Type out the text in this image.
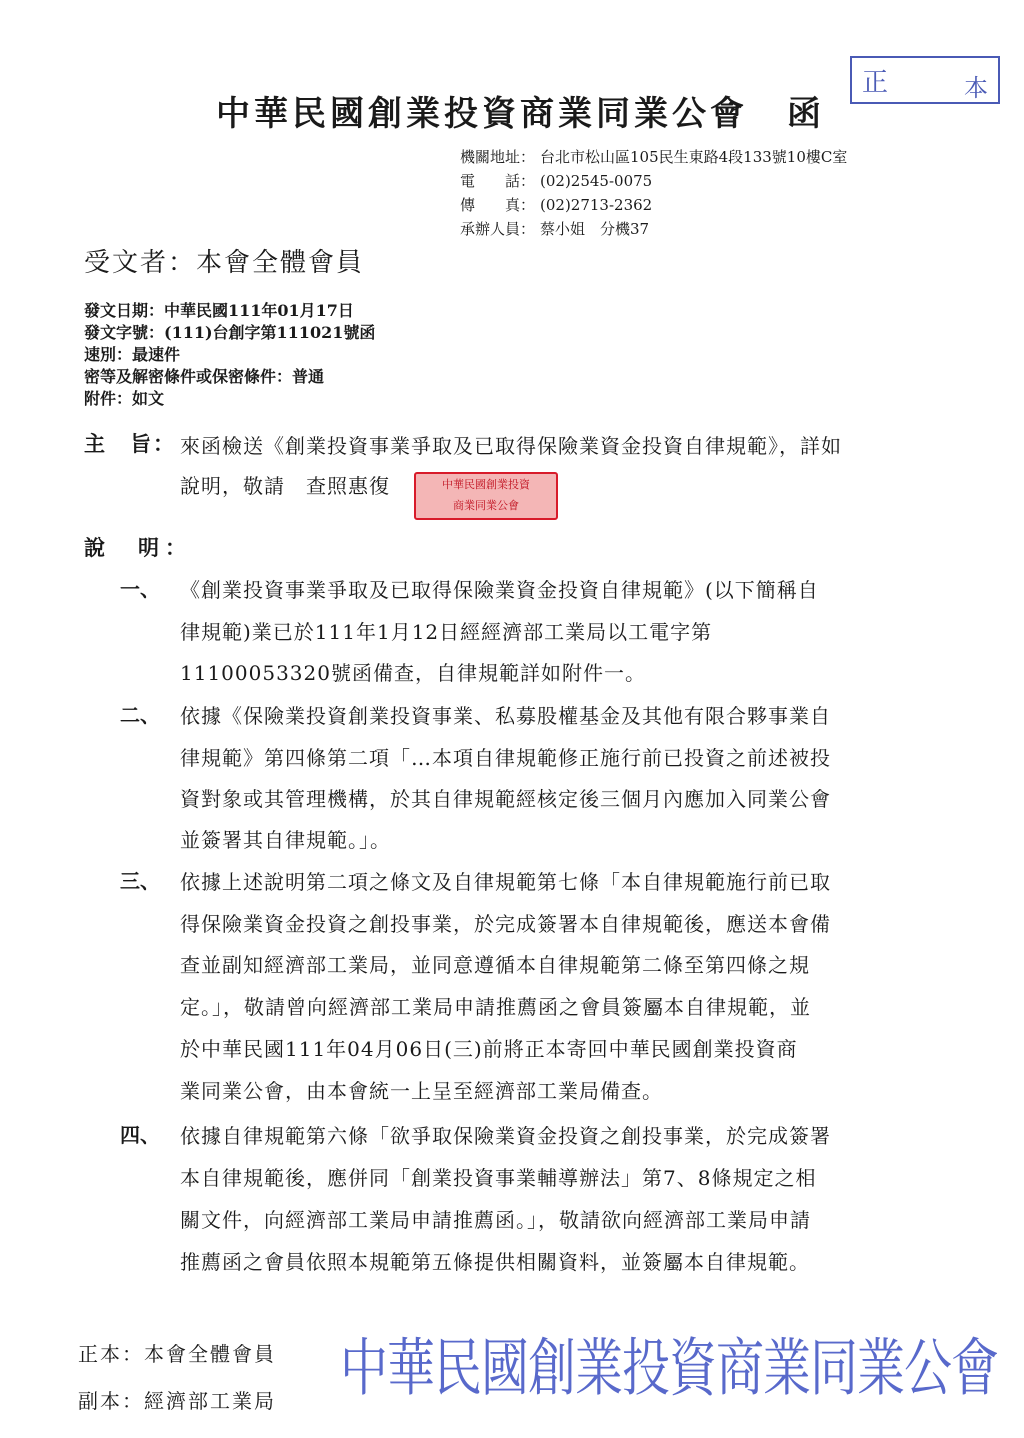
中華民國創業投資商業同業公會 函
正	本
機關地址： 台北市松山區105民生東路4段133號10樓C室
電　　話： (02)2545-0075
傳　　真： (02)2713-2362
承辦人員： 蔡小姐　分機37
受文者：本會全體會員
發文日期：中華民國111年01月17日
發文字號：(111)台創字第111021號函
速別：最速件
密等及解密條件或保密條件：普通
附件：如文
主　旨： 來函檢送《創業投資事業爭取及已取得保險業資金投資自律規範》，詳如
說明，敬請　查照惠復	中華民國創業投資
商業同業公會
說　明：
一、 《創業投資事業爭取及已取得保險業資金投資自律規範》(以下簡稱自
律規範)業已於111年1月12日經經濟部工業局以工電字第
11100053320號函備查，自律規範詳如附件一。
二、 依據《保險業投資創業投資事業、私募股權基金及其他有限合夥事業自
律規範》第四條第二項「…本項自律規範修正施行前已投資之前述被投
資對象或其管理機構，於其自律規範經核定後三個月內應加入同業公會
並簽署其自律規範。」。
三、 依據上述說明第二項之條文及自律規範第七條「本自律規範施行前已取
得保險業資金投資之創投事業，於完成簽署本自律規範後，應送本會備
查並副知經濟部工業局，並同意遵循本自律規範第二條至第四條之規
定。」，敬請曾向經濟部工業局申請推薦函之會員簽屬本自律規範，並
於中華民國111年04月06日(三)前將正本寄回中華民國創業投資商
業同業公會，由本會統一上呈至經濟部工業局備查。
四、 依據自律規範第六條「欲爭取保險業資金投資之創投事業，於完成簽署
本自律規範後，應併同「創業投資事業輔導辦法」第7、8條規定之相
關文件，向經濟部工業局申請推薦函。」，敬請欲向經濟部工業局申請
推薦函之會員依照本規範第五條提供相關資料，並簽屬本自律規範。
正本：本會全體會員
副本：經濟部工業局 中華民國創業投資商業同業公會
